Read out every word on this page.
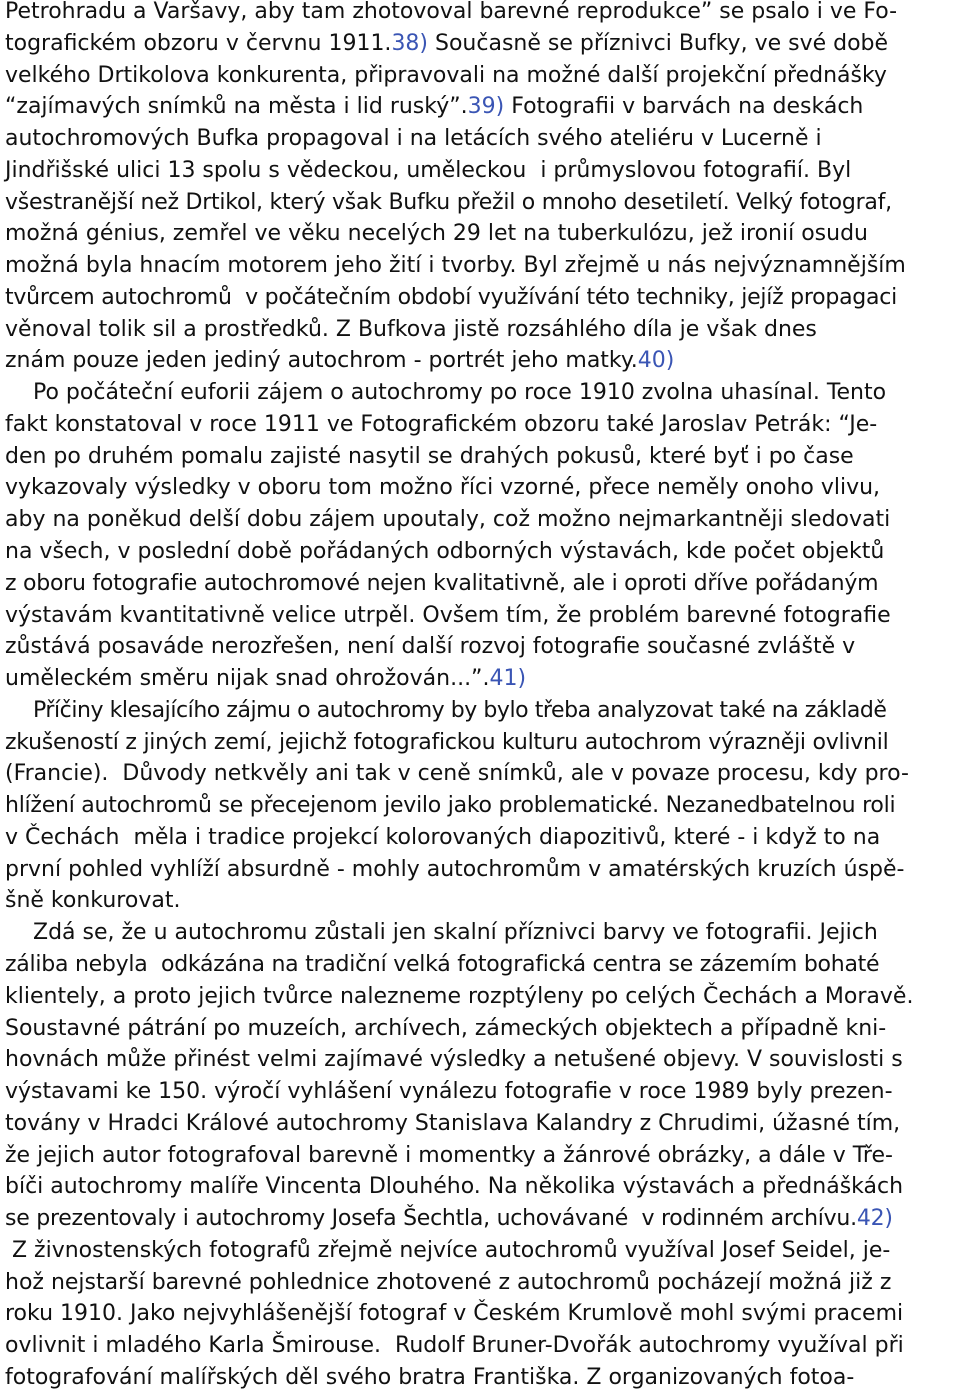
Petrohradu a Varšavy, aby tam zhotovoval barevné reprodukce” se psalo i ve Fo-
tografickém obzoru v červnu 1911.38) Současně se příznivci Bufky, ve své době
velkého Drtikolova konkurenta, připravovali na možné další projekční přednášky
“zajímavých snímků na města i lid ruský”.39) Fotografii v barvách na deskách
autochromových Bufka propagoval i na letácích svého ateliéru v Lucerně i
Jindřišské ulici 13 spolu s vědeckou, uměleckou  i průmyslovou fotografií. Byl
všestranější než Drtikol, který však Bufku přežil o mnoho desetiletí. Velký fotograf,
možná génius, zemřel ve věku necelých 29 let na tuberkulózu, jež ironií osudu
možná byla hnacím motorem jeho žití i tvorby. Byl zřejmě u nás nejvýznamnějším
tvůrcem autochromů  v počátečním období využívání této techniky, jejíž propagaci
věnoval tolik sil a prostředků. Z Bufkova jistě rozsáhlého díla je však dnes
znám pouze jeden jediný autochrom - portrét jeho matky.40)
Po počáteční euforii zájem o autochromy po roce 1910 zvolna uhasínal. Tento
fakt konstatoval v roce 1911 ve Fotografickém obzoru také Jaroslav Petrák: “Je-
den po druhém pomalu zajisté nasytil se drahých pokusů, které byť i po čase
vykazovaly výsledky v oboru tom možno říci vzorné, přece neměly onoho vlivu,
aby na poněkud delší dobu zájem upoutaly, což možno nejmarkantněji sledovati
na všech, v poslední době pořádaných odborných výstavách, kde počet objektů
z oboru fotografie autochromové nejen kvalitativně, ale i oproti dříve pořádaným
výstavám kvantitativně velice utrpěl. Ovšem tím, že problém barevné fotografie
zůstává posaváde nerozřešen, není další rozvoj fotografie současné zvláště v
uměleckém směru nijak snad ohrožován...”.41)
Příčiny klesajícího zájmu o autochromy by bylo třeba analyzovat také na základě
zkušeností z jiných zemí, jejichž fotografickou kulturu autochrom výrazněji ovlivnil
(Francie).  Důvody netkvěly ani tak v ceně snímků, ale v povaze procesu, kdy pro-
hlížení autochromů se přecejenom jevilo jako problematické. Nezanedbatelnou roli
v Čechách  měla i tradice projekcí kolorovaných diapozitivů, které - i když to na
první pohled vyhlíží absurdně - mohly autochromům v amatérských kruzích úspě-
šně konkurovat.
Zdá se, že u autochromu zůstali jen skalní příznivci barvy ve fotografii. Jejich
záliba nebyla  odkázána na tradiční velká fotografická centra se zázemím bohaté
klientely, a proto jejich tvůrce nalezneme rozptýleny po celých Čechách a Moravě.
Soustavné pátrání po muzeích, archívech, zámeckých objektech a případně kni-
hovnách může přinést velmi zajímavé výsledky a netušené objevy. V souvislosti s
výstavami ke 150. výročí vyhlášení vynálezu fotografie v roce 1989 byly prezen-
továny v Hradci Králové autochromy Stanislava Kalandry z Chrudimi, úžasné tím,
že jejich autor fotografoval barevně i momentky a žánrové obrázky, a dále v Tře-
bíči autochromy malíře Vincenta Dlouhého. Na několika výstavách a přednáškách
se prezentovaly i autochromy Josefa Šechtla, uchovávané  v rodinném archívu.42)
Z živnostenských fotografů zřejmě nejvíce autochromů využíval Josef Seidel, je-
hož nejstarší barevné pohlednice zhotovené z autochromů pocházejí možná již z
roku 1910. Jako nejvyhlášenější fotograf v Českém Krumlově mohl svými pracemi
ovlivnit i mladého Karla Šmirouse.  Rudolf Bruner-Dvořák autochromy využíval při
fotografování malířských děl svého bratra Františka. Z organizovaných fotoa-
